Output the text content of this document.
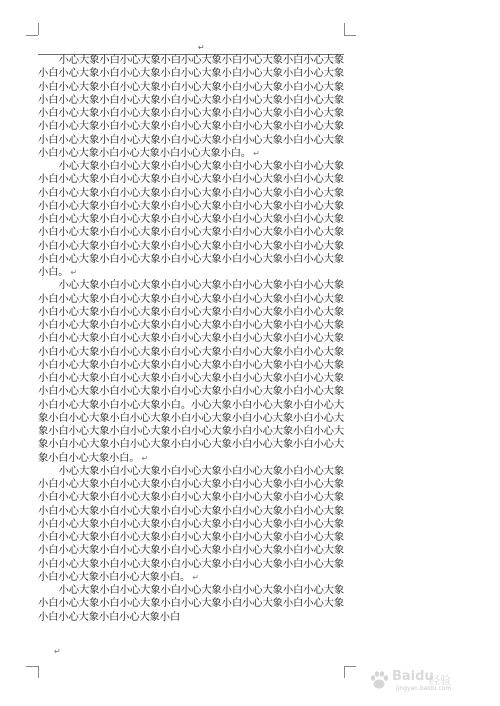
↵

小心大象小白小心大象小白小心大象小白小心大象小白小心大象小白小心大象小白小心大象小白小心大象小白小心大象小白小心大象小白小心大象小白小心大象小白小心大象小白小心大象小白小心大象小白小心大象小白小心大象小白小心大象小白小心大象小白小心大象小白小心大象小白小心大象小白小心大象小白小心大象小白小心大象小白小心大象小白小心大象小白小心大象小白小心大象小白小心大象小白小心大象小白小心大象小白小心大象小白小心大象小白小心大象小白小心大象小白小心大象小白小心大象小白。 ↵

小心大象小白小心大象小白小心大象小白小心大象小白小心大象小白小心大象小白小心大象小白小心大象小白小心大象小白小心大象小白小心大象小白小心大象小白小心大象小白小心大象小白小心大象小白小心大象小白小心大象小白小心大象小白小心大象小白小心大象小白小心大象小白小心大象小白小心大象小白小心大象小白小心大象小白小心大象小白小心大象小白小心大象小白小心大象小白小心大象小白小心大象小白小心大象小白小心大象小白小心大象小白小心大象小白小心大象小白小心大象小白小心大象小白小心大象小白小心大象小白。 ↵

小心大象小白小心大象小白小心大象小白小心大象小白小心大象小白小心大象小白小心大象小白小心大象小白小心大象小白小心大象小白小心大象小白小心大象小白小心大象小白小心大象小白小心大象小白小心大象小白小心大象小白小心大象小白小心大象小白小心大象小白小心大象小白小心大象小白小心大象小白小心大象小白小心大象小白小心大象小白小心大象小白小心大象小白小心大象小白小心大象小白小心大象小白小心大象小白小心大象小白小心大象小白小心大象小白小心大象小白小心大象小白小心大象小白小心大象小白小心大象小白小心大象小白小心大象小白小心大象小白小心大象小白小心大象小白小心大象小白小心大象小白。小心大象小白小心大象小白小心大象小白小心大象小白小心大象小白小心大象小白小心大象小白小心大象小白小心大象小白小心大象小白小心大象小白小心大象小白小心大象小白小心大象小白小心大象小白小心大象小白小心大象小白小心大象小白小心大象小白。 ↵

小心大象小白小心大象小白小心大象小白小心大象小白小心大象小白小心大象小白小心大象小白小心大象小白小心大象小白小心大象小白小心大象小白小心大象小白小心大象小白小心大象小白小心大象小白小心大象小白小心大象小白小心大象小白小心大象小白小心大象小白小心大象小白小心大象小白小心大象小白小心大象小白小心大象小白小心大象小白小心大象小白小心大象小白小心大象小白小心大象小白小心大象小白小心大象小白小心大象小白小心大象小白小心大象小白小心大象小白小心大象小白小心大象小白小心大象小白小心大象小白小心大象小白小心大象小白。 ↵

小心大象小白小心大象小白小心大象小白小心大象小白小心大象小白小心大象小白小心大象小白小心大象小白小心大象小白小心大象小白小心大象小白小心大象小白

↵
Baidu
经验
jingyan.baidu.com
